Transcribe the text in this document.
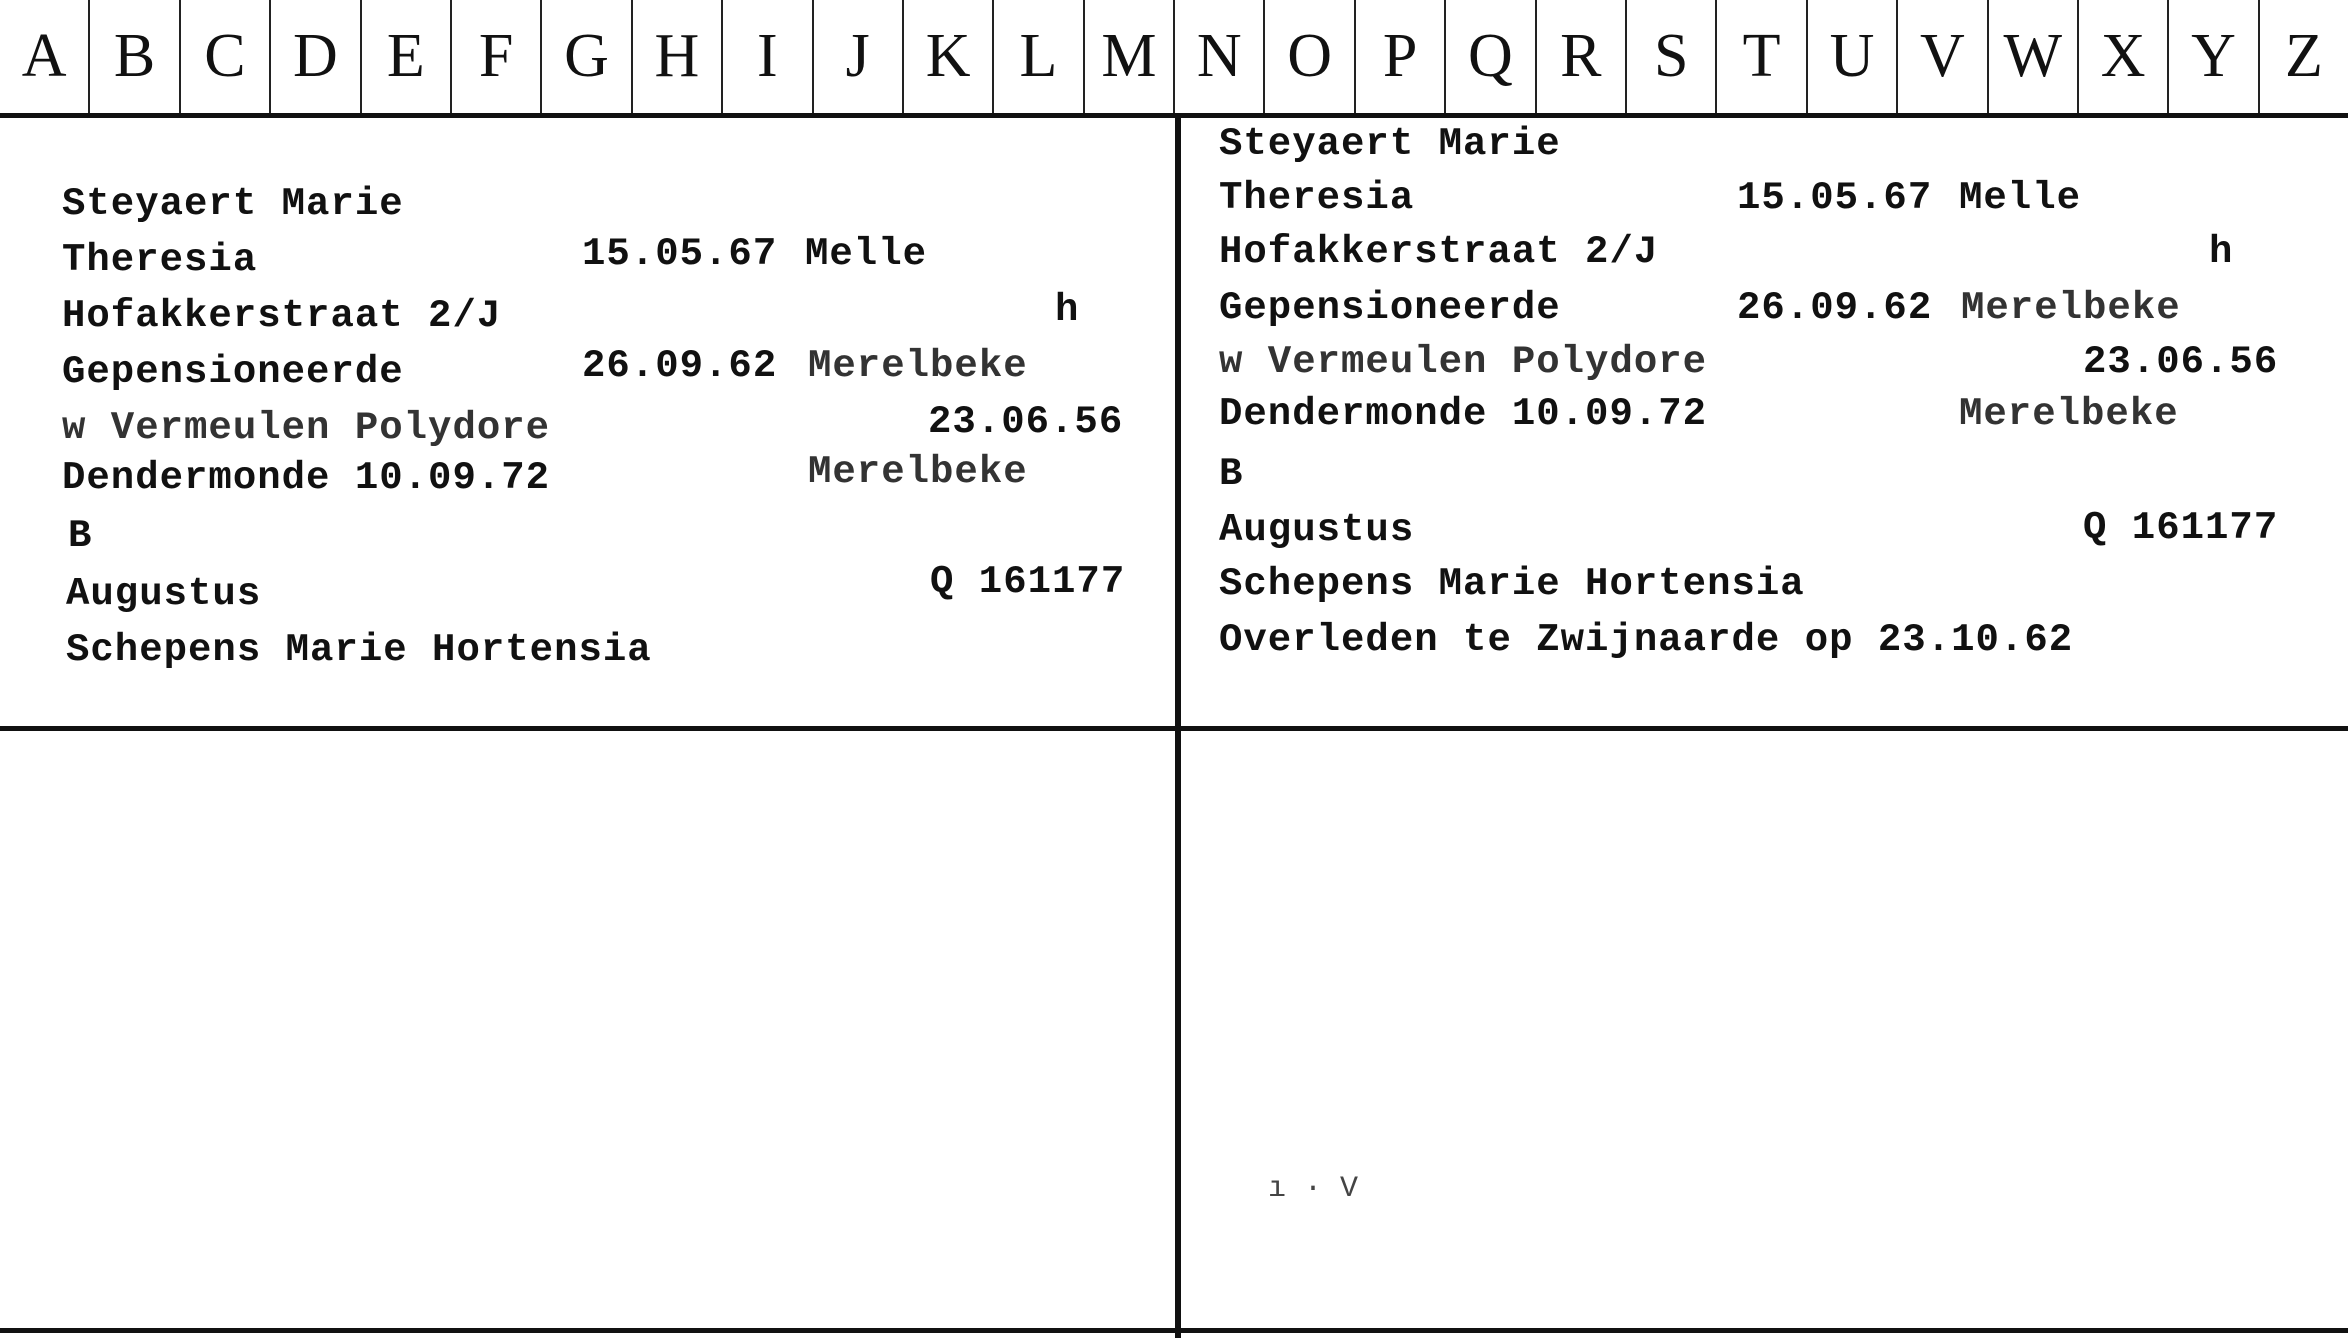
A B C D E F G H I	J K L M N O P Q R S T U V W X Y Z
Steyaert Marie
Theresia	15.05.67 Melle
Hofakkerstraat 2/J	h
Gepensioneerde	26.09.62 Merelbeke
w Vermeulen Polydore	23.06.56
Dendermonde 10.09.72	Merelbeke
B
Augustus	Q 161177
Schepens Marie Hortensia
Steyaert Marie
Theresia	15.05.67 Melle
Hofakkerstraat 2/J	h
Gepensioneerde	26.09.62 Merelbeke
w Vermeulen Polydore	23.06.56
Dendermonde 10.09.72	Merelbeke
B
Augustus	Q 161177
Schepens Marie Hortensia
Overleden te Zwijnaarde op 23.10.62
ı · V
